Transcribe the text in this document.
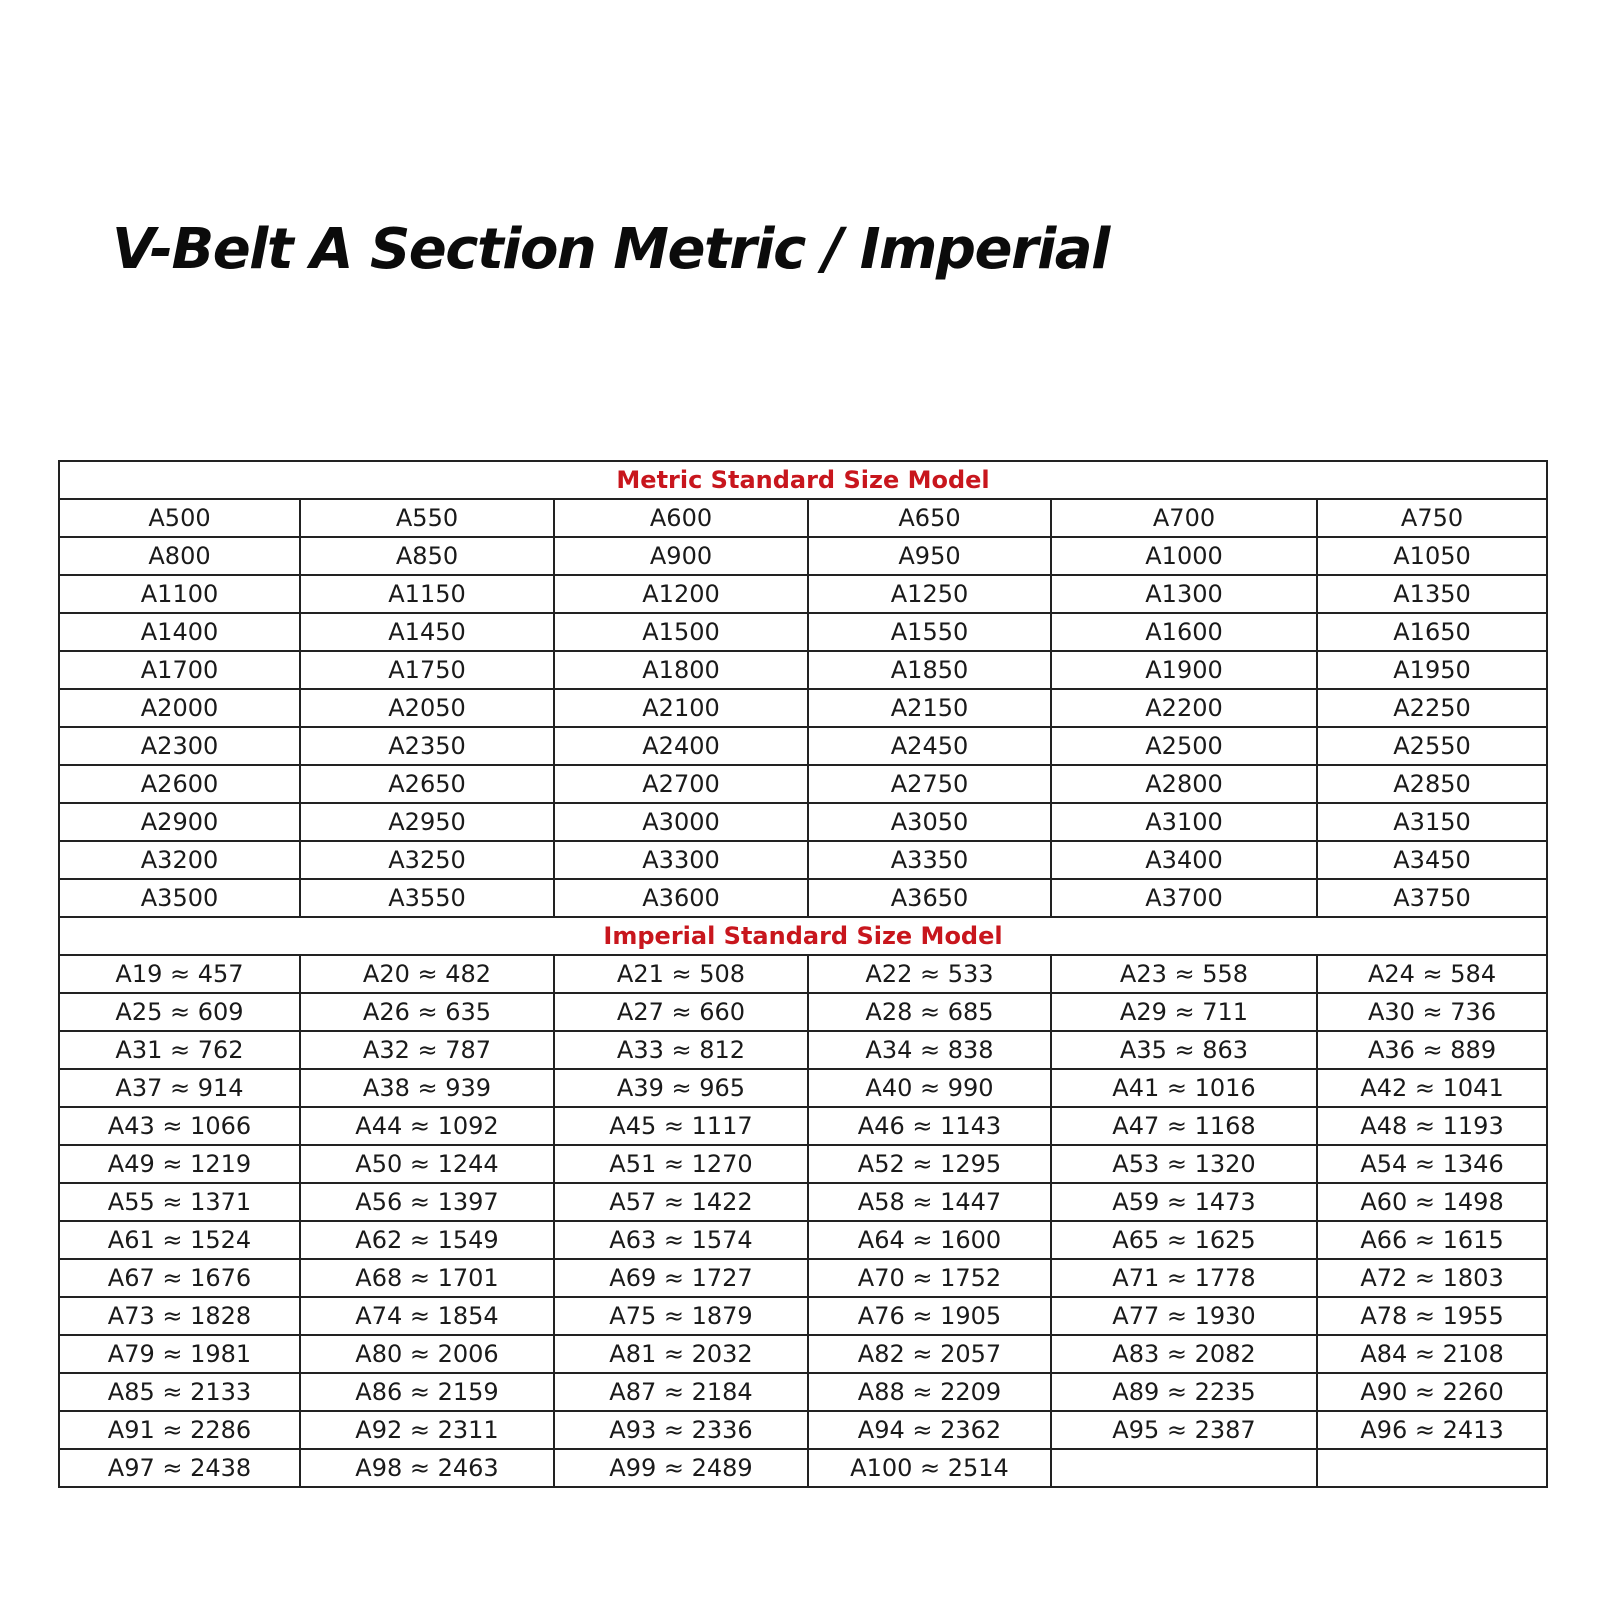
V-Belt A Section Metric / Imperial
Metric Standard Size Model					
A500	A550	A600	A650	A700	A750
A800	A850	A900	A950	A1000	A1050
A1100	A1150	A1200	A1250	A1300	A1350
A1400	A1450	A1500	A1550	A1600	A1650
A1700	A1750	A1800	A1850	A1900	A1950
A2000	A2050	A2100	A2150	A2200	A2250
A2300	A2350	A2400	A2450	A2500	A2550
A2600	A2650	A2700	A2750	A2800	A2850
A2900	A2950	A3000	A3050	A3100	A3150
A3200	A3250	A3300	A3350	A3400	A3450
A3500	A3550	A3600	A3650	A3700	A3750
Imperial Standard Size Model					
A19 ≈ 457	A20 ≈ 482	A21 ≈ 508	A22 ≈ 533	A23 ≈ 558	A24 ≈ 584
A25 ≈ 609	A26 ≈ 635	A27 ≈ 660	A28 ≈ 685	A29 ≈ 711	A30 ≈ 736
A31 ≈ 762	A32 ≈ 787	A33 ≈ 812	A34 ≈ 838	A35 ≈ 863	A36 ≈ 889
A37 ≈ 914	A38 ≈ 939	A39 ≈ 965	A40 ≈ 990	A41 ≈ 1016	A42 ≈ 1041
A43 ≈ 1066	A44 ≈ 1092	A45 ≈ 1117	A46 ≈ 1143	A47 ≈ 1168	A48 ≈ 1193
A49 ≈ 1219	A50 ≈ 1244	A51 ≈ 1270	A52 ≈ 1295	A53 ≈ 1320	A54 ≈ 1346
A55 ≈ 1371	A56 ≈ 1397	A57 ≈ 1422	A58 ≈ 1447	A59 ≈ 1473	A60 ≈ 1498
A61 ≈ 1524	A62 ≈ 1549	A63 ≈ 1574	A64 ≈ 1600	A65 ≈ 1625	A66 ≈ 1615
A67 ≈ 1676	A68 ≈ 1701	A69 ≈ 1727	A70 ≈ 1752	A71 ≈ 1778	A72 ≈ 1803
A73 ≈ 1828	A74 ≈ 1854	A75 ≈ 1879	A76 ≈ 1905	A77 ≈ 1930	A78 ≈ 1955
A79 ≈ 1981	A80 ≈ 2006	A81 ≈ 2032	A82 ≈ 2057	A83 ≈ 2082	A84 ≈ 2108
A85 ≈ 2133	A86 ≈ 2159	A87 ≈ 2184	A88 ≈ 2209	A89 ≈ 2235	A90 ≈ 2260
A91 ≈ 2286	A92 ≈ 2311	A93 ≈ 2336	A94 ≈ 2362	A95 ≈ 2387	A96 ≈ 2413
A97 ≈ 2438	A98 ≈ 2463	A99 ≈ 2489	A100 ≈ 2514		
